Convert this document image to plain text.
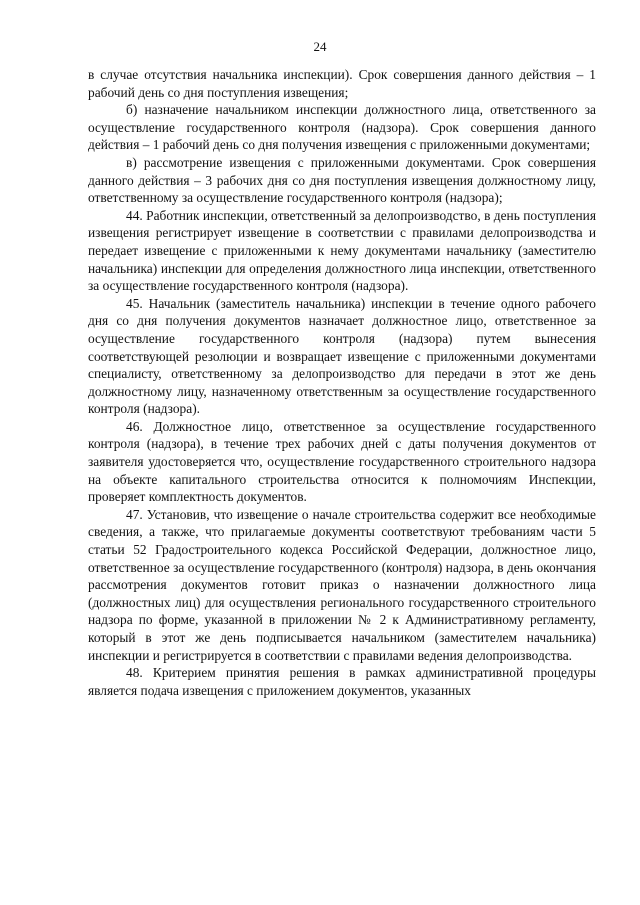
24

в случае отсутствия начальника инспекции). Срок совершения данного действия – 1 рабочий день со дня поступления извещения;

б) назначение начальником инспекции должностного лица, ответственного за осуществление государственного контроля (надзора). Срок совершения данного действия – 1 рабочий день со дня получения извещения с приложенными документами;

в) рассмотрение извещения с приложенными документами. Срок совершения данного действия – 3 рабочих дня со дня поступления извещения должностному лицу, ответственному за осуществление государственного контроля (надзора);

44. Работник инспекции, ответственный за делопроизводство, в день поступления извещения регистрирует извещение в соответствии с правилами делопроизводства и передает извещение с приложенными к нему документами начальнику (заместителю начальника) инспекции для определения должностного лица инспекции, ответственного за осуществление государственного контроля (надзора).

45. Начальник (заместитель начальника) инспекции в течение одного рабочего дня со дня получения документов назначает должностное лицо, ответственное за осуществление государственного контроля (надзора) путем вынесения соответствующей резолюции и возвращает извещение с приложенными документами специалисту, ответственному за делопроизводство для передачи в этот же день должностному лицу, назначенному ответственным за осуществление государственного контроля (надзора).

46. Должностное лицо, ответственное за осуществление государственного контроля (надзора), в течение трех рабочих дней с даты получения документов от заявителя удостоверяется что, осуществление государственного строительного надзора на объекте капитального строительства относится к полномочиям Инспекции, проверяет комплектность документов.

47. Установив, что извещение о начале строительства содержит все необходимые сведения, а также, что прилагаемые документы соответствуют требованиям части 5 статьи 52 Градостроительного кодекса Российской Федерации, должностное лицо, ответственное за осуществление государственного (контроля) надзора, в день окончания рассмотрения документов готовит приказ о назначении должностного лица (должностных лиц) для осуществления регионального государственного строительного надзора по форме, указанной в приложении № 2 к Административному регламенту, который в этот же день подписывается начальником (заместителем начальника) инспекции и регистрируется в соответствии с правилами ведения делопроизводства.

48. Критерием принятия решения в рамках административной процедуры является подача извещения с приложением документов, указанных
